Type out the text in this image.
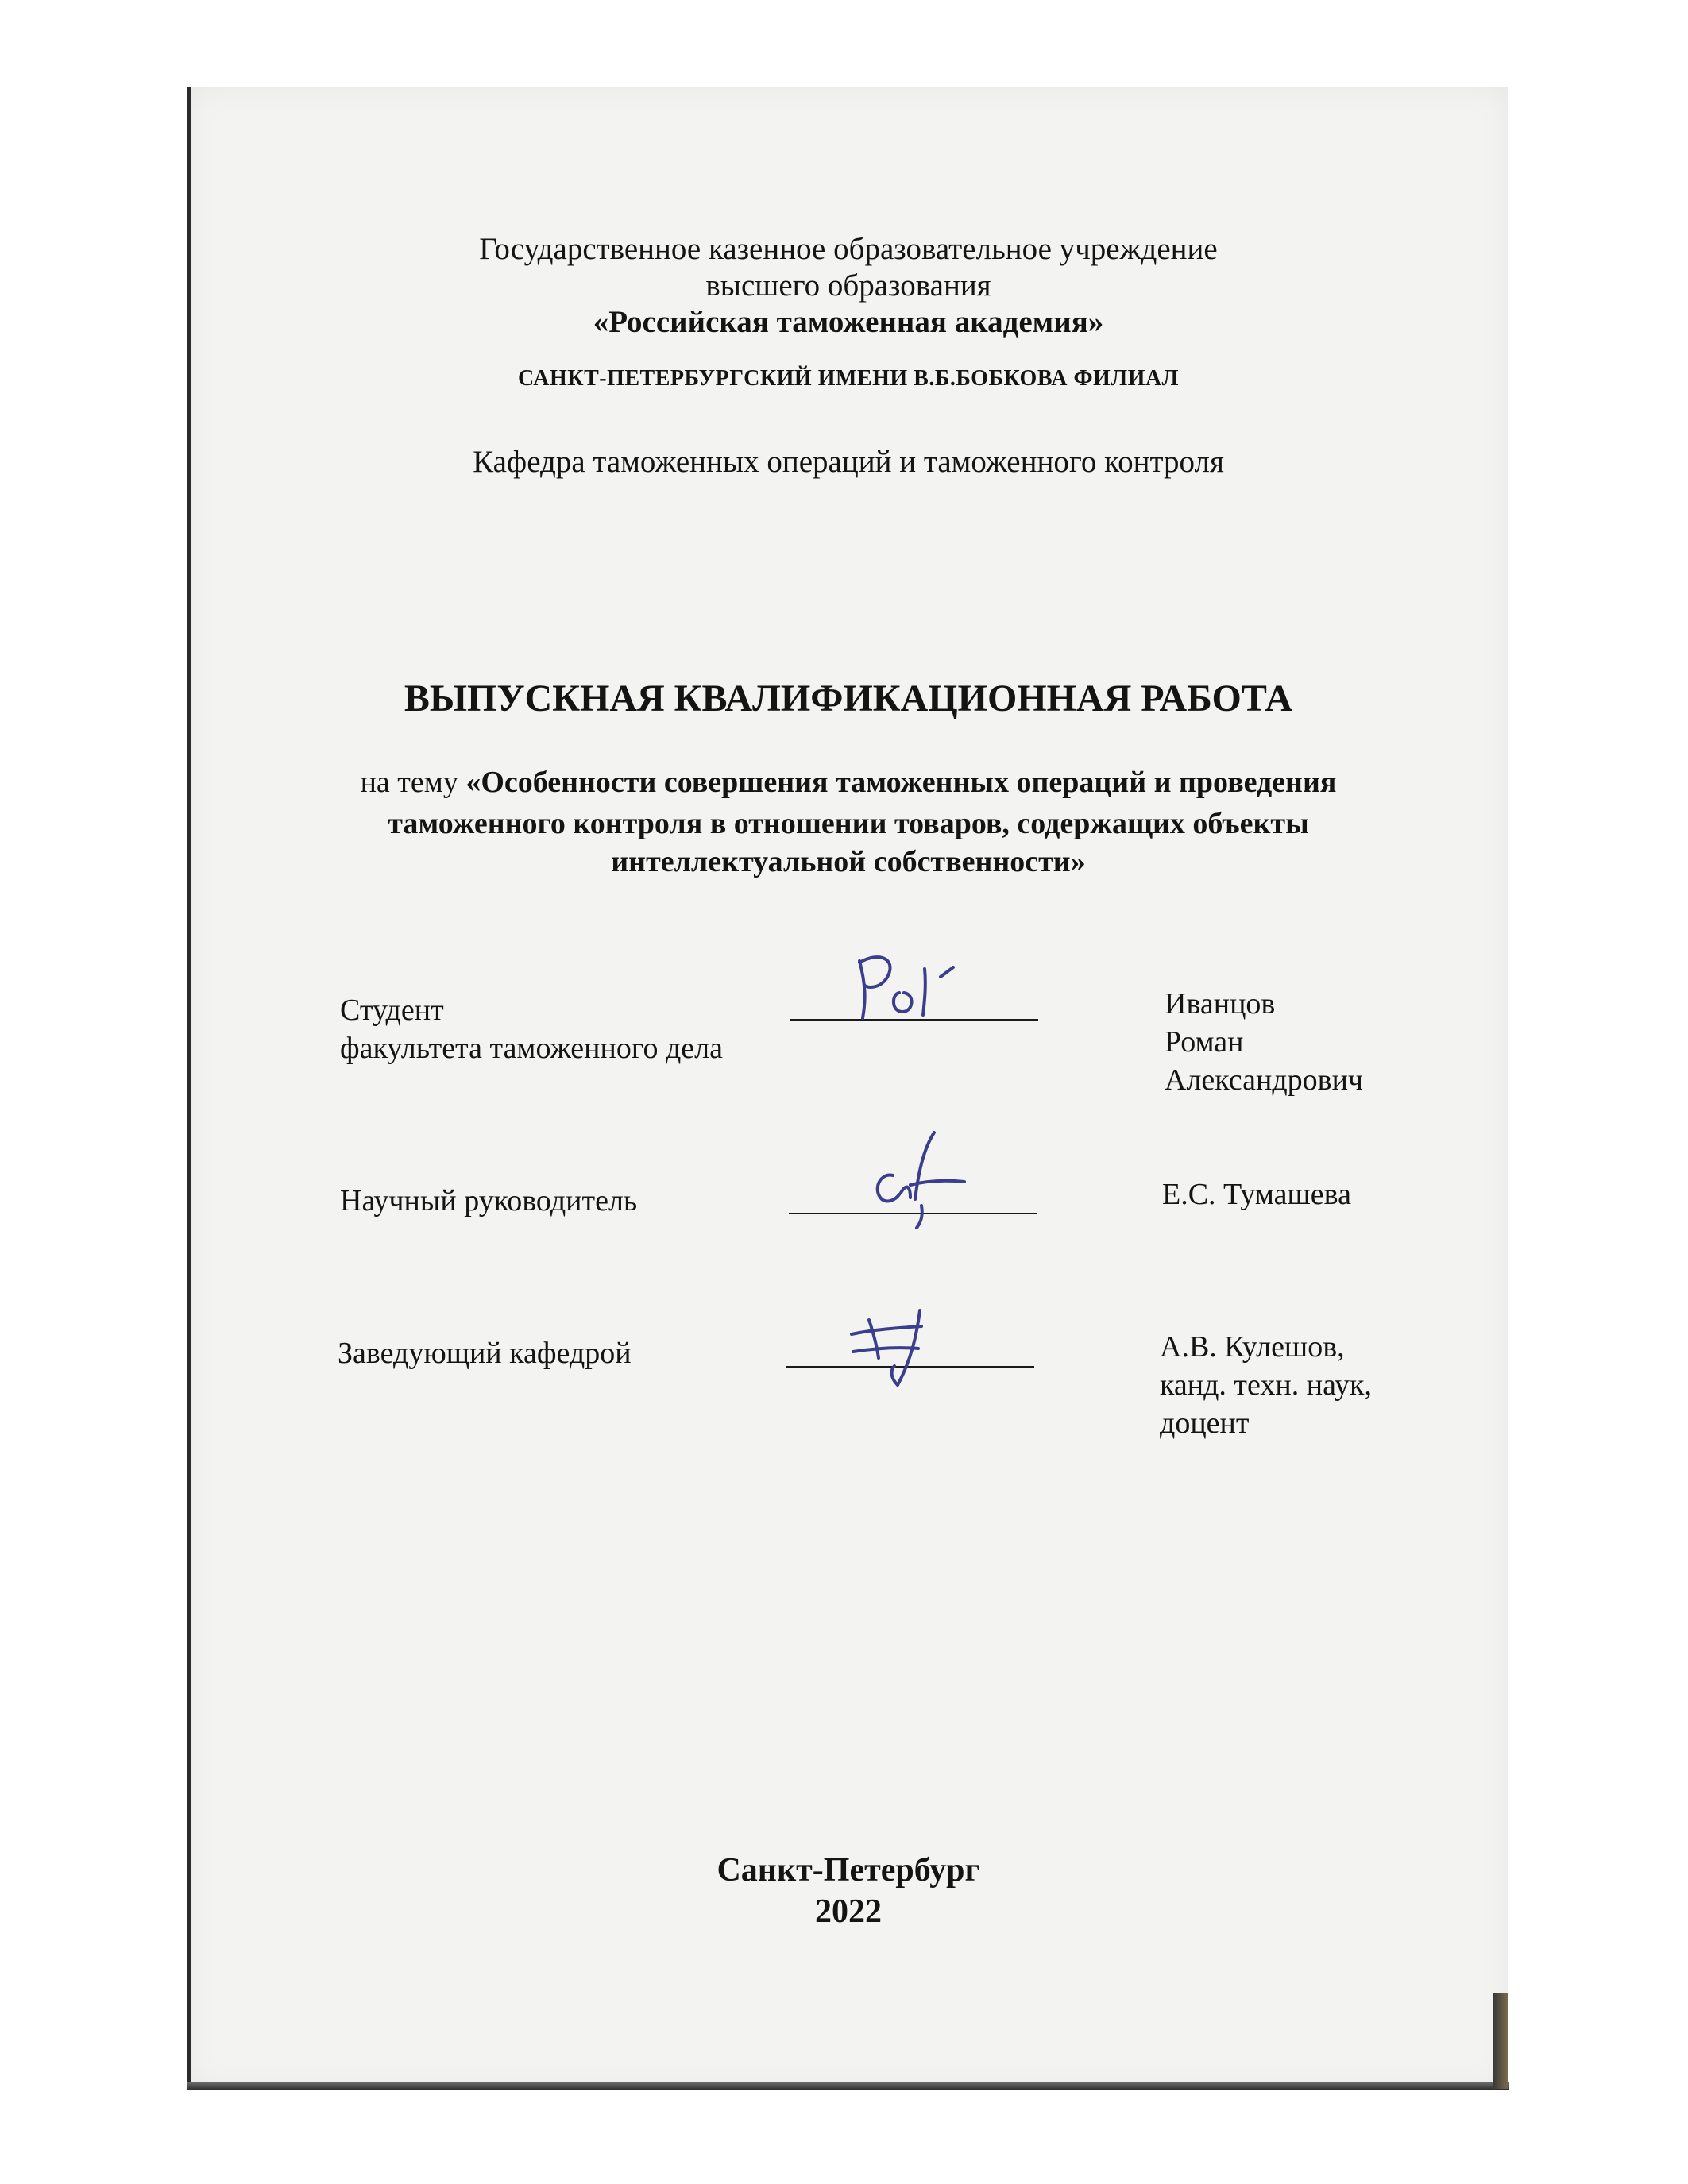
Государственное казенное образовательное учреждение
высшего образования
«Российская таможенная академия»
САНКТ-ПЕТЕРБУРГСКИЙ ИМЕНИ В.Б.БОБКОВА ФИЛИАЛ
Кафедра таможенных операций и таможенного контроля
ВЫПУСКНАЯ КВАЛИФИКАЦИОННАЯ РАБОТА
на тему «Особенности совершения таможенных операций и проведения
таможенного контроля в отношении товаров, содержащих объекты
интеллектуальной собственности»
Студент
факультета таможенного дела
Иванцов
Роман
Александрович
Научный руководитель	Е.С. Тумашева
Заведующий кафедрой	А.В. Кулешов,
канд. техн. наук,
доцент
Санкт-Петербург
2022
